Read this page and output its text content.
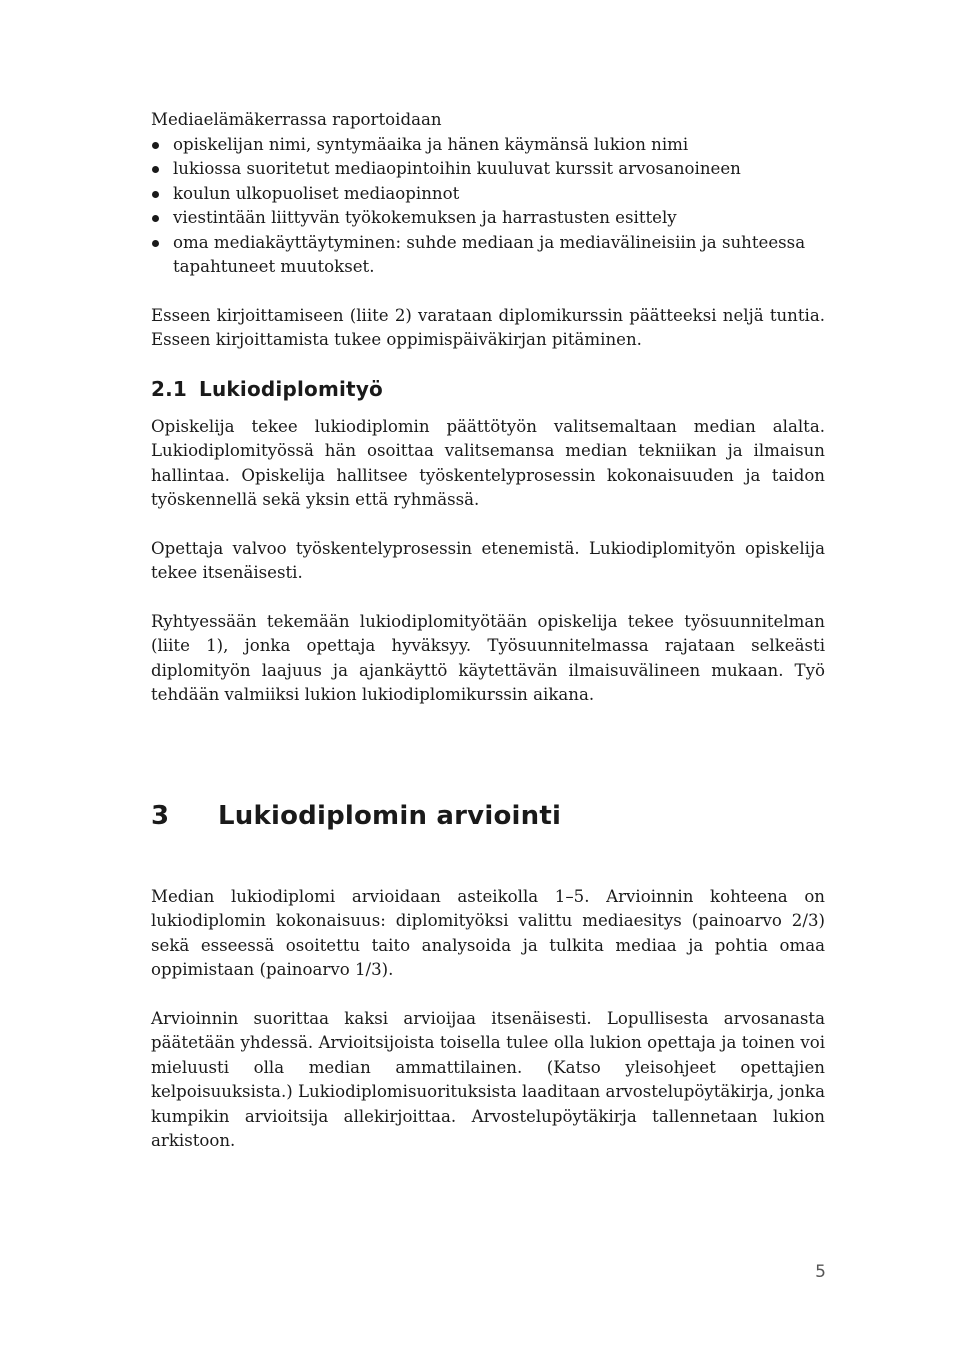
Mediaelämäkerrassa raportoidaan

opiskelijan nimi, syntymäaika ja hänen käymänsä lukion nimi
lukiossa suoritetut mediaopintoihin kuuluvat kurssit arvosanoineen
koulun ulkopuoliset mediaopinnot
viestintään liittyvän työkokemuksen ja harrastusten esittely
oma mediakäyttäytyminen: suhde mediaan ja mediavälineisiin ja suhteessa tapahtuneet muutokset.

Esseen kirjoittamiseen (liite 2) varataan diplomikurssin päätteeksi neljä tuntia. Esseen kirjoittamista tukee oppimispäiväkirjan pitäminen.

2.1 Lukiodiplomityö

Opiskelija tekee lukiodiplomin päättötyön valitsemaltaan median alalta. Lukiodiplomityössä hän osoittaa valitsemansa median tekniikan ja ilmaisun hallintaa. Opiskelija hallitsee työskentelyprosessin kokonaisuuden ja taidon työskennellä sekä yksin että ryhmässä.

Opettaja valvoo työskentelyprosessin etenemistä. Lukiodiplomityön opiskelija tekee itsenäisesti.

Ryhtyessään tekemään lukiodiplomityötään opiskelija tekee työsuunnitelman (liite 1), jonka opettaja hyväksyy. Työsuunnitelmassa rajataan selkeästi diplomityön laajuus ja ajankäyttö käytettävän ilmaisuvälineen mukaan. Työ tehdään valmiiksi lukion lukiodiplomikurssin aikana.

3 Lukiodiplomin arviointi

Median lukiodiplomi arvioidaan asteikolla 1–5. Arvioinnin kohteena on lukiodiplomin kokonaisuus: diplomityöksi valittu mediaesitys (painoarvo 2/3) sekä esseessä osoitettu taito analysoida ja tulkita mediaa ja pohtia omaa oppimistaan (painoarvo 1/3).

Arvioinnin suorittaa kaksi arvioijaa itsenäisesti. Lopullisesta arvosanasta päätetään yhdessä. Arvioitsijoista toisella tulee olla lukion opettaja ja toinen voi mieluusti olla median ammattilainen. (Katso yleisohjeet opettajien kelpoisuuksista.) Lukiodiplomisuorituksista laaditaan arvostelupöytäkirja, jonka kumpikin arvioitsija allekirjoittaa. Arvostelupöytäkirja tallennetaan lukion arkistoon.

5
